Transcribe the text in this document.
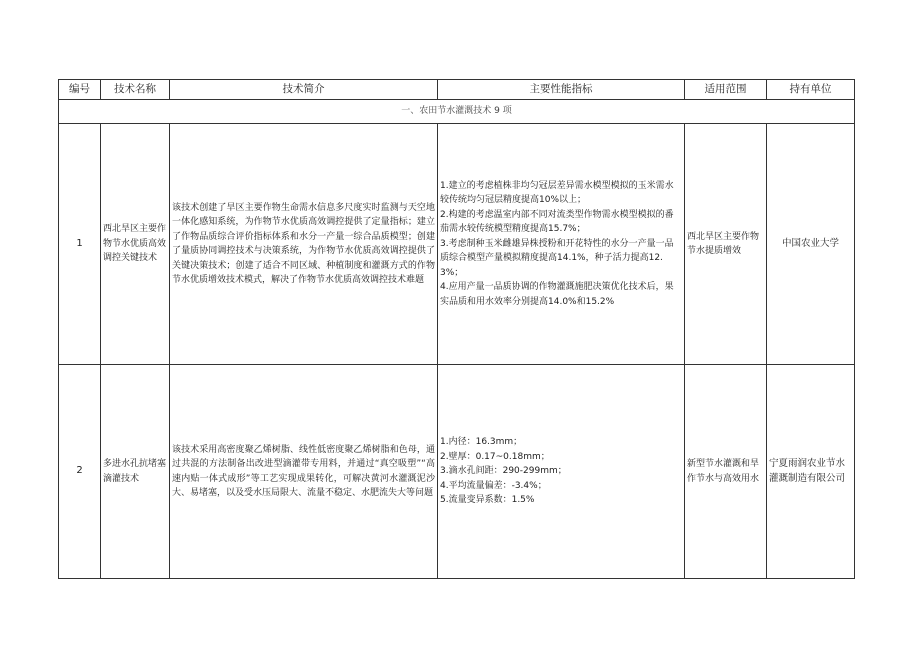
编号	技术名称	技术简介	主要性能指标	适用范围	持有单位
一、农田节水灌溉技术 9 项					
1	西北旱区主要作物节水优质高效调控关键技术	该技术创建了旱区主要作物生命需水信息多尺度实时监测与天空地一体化感知系统，为作物节水优质高效调控提供了定量指标；建立了作物品质综合评价指标体系和水分一产量一综合品质模型；创建了量质协同调控技术与决策系统，为作物节水优质高效调控提供了关键决策技术；创建了适合不同区域、种植制度和灌溉方式的作物节水优质增效技术模式，解决了作物节水优质高效调控技术难题	1.建立的考虑植株非均匀冠层差异需水模型模拟的玉米需水较传统均匀冠层精度提高10%以上；
2.构建的考虑温室内部不同对流类型作物需水模型模拟的番茄需水较传统模型精度提高15.7%；
3.考虑制种玉米雌雄异株授粉和开花特性的水分一产量一品质综合模型产量模拟精度提高14.1%，种子活力提高12.3%；
4.应用产量一品质协调的作物灌溉施肥决策优化技术后，果实品质和用水效率分别提高14.0%和15.2%	西北旱区主要作物节水提质增效	中国农业大学
2	多进水孔抗堵塞滴灌技术	该技术采用高密度聚乙烯树脂、线性低密度聚乙烯树脂和色母，通过共混的方法制备出改进型滴灌带专用料，并通过“真空吸塑”“高速内贴一体式成形”等工艺实现成果转化，可解决黄河水灌溉泥沙大、易堵塞，以及受水压局限大、流量不稳定、水肥流失大等问题	1.内径：16.3mm；
2.壁厚：0.17~0.18mm；
3.滴水孔间距：290-299mm；
4.平均流量偏差：-3.4%；
5.流量变异系数：1.5%	新型节水灌溉和旱作节水与高效用水	宁夏雨润农业节水灌溉制造有限公司
